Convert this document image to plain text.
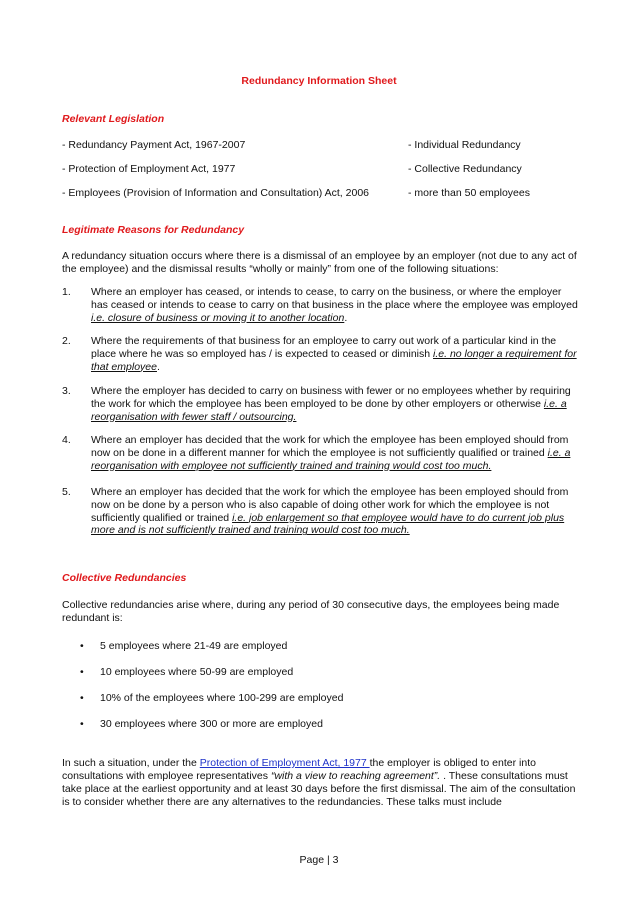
Redundancy Information Sheet
Relevant Legislation
- Redundancy Payment Act, 1967-2007	- Individual Redundancy
- Protection of Employment Act, 1977	- Collective Redundancy
- Employees (Provision of Information and Consultation) Act, 2006	- more than 50 employees
Legitimate Reasons for Redundancy
A redundancy situation occurs where there is a dismissal of an employee by an employer (not due to any act of the employee) and the dismissal results “wholly or mainly” from one of the following situations:
1. Where an employer has ceased, or intends to cease, to carry on the business, or where the employer has ceased or intends to cease to carry on that business in the place where the employee was employed i.e. closure of business or moving it to another location.
2. Where the requirements of that business for an employee to carry out work of a particular kind in the place where he was so employed has / is expected to ceased or diminish i.e. no longer a requirement for that employee.
3. Where the employer has decided to carry on business with fewer or no employees whether by requiring the work for which the employee has been employed to be done by other employers or otherwise i.e. a reorganisation with fewer staff / outsourcing.
4. Where an employer has decided that the work for which the employee has been employed should from now on be done in a different manner for which the employee is not sufficiently qualified or trained i.e. a reorganisation with employee not sufficiently trained and training would cost too much.
5. Where an employer has decided that the work for which the employee has been employed should from now on be done by a person who is also capable of doing other work for which the employee is not sufficiently qualified or trained i.e. job enlargement so that employee would have to do current job plus more and is not sufficiently trained and training would cost too much.
Collective Redundancies
Collective redundancies arise where, during any period of 30 consecutive days, the employees being made redundant is:
• 5 employees where 21-49 are employed
• 10 employees where 50-99 are employed
• 10% of the employees where 100-299 are employed
• 30 employees where 300 or more are employed
In such a situation, under the Protection of Employment Act, 1977 the employer is obliged to enter into consultations with employee representatives “with a view to reaching agreement”. . These consultations must take place at the earliest opportunity and at least 30 days before the first dismissal. The aim of the consultation is to consider whether there are any alternatives to the redundancies. These talks must include
Page | 3
